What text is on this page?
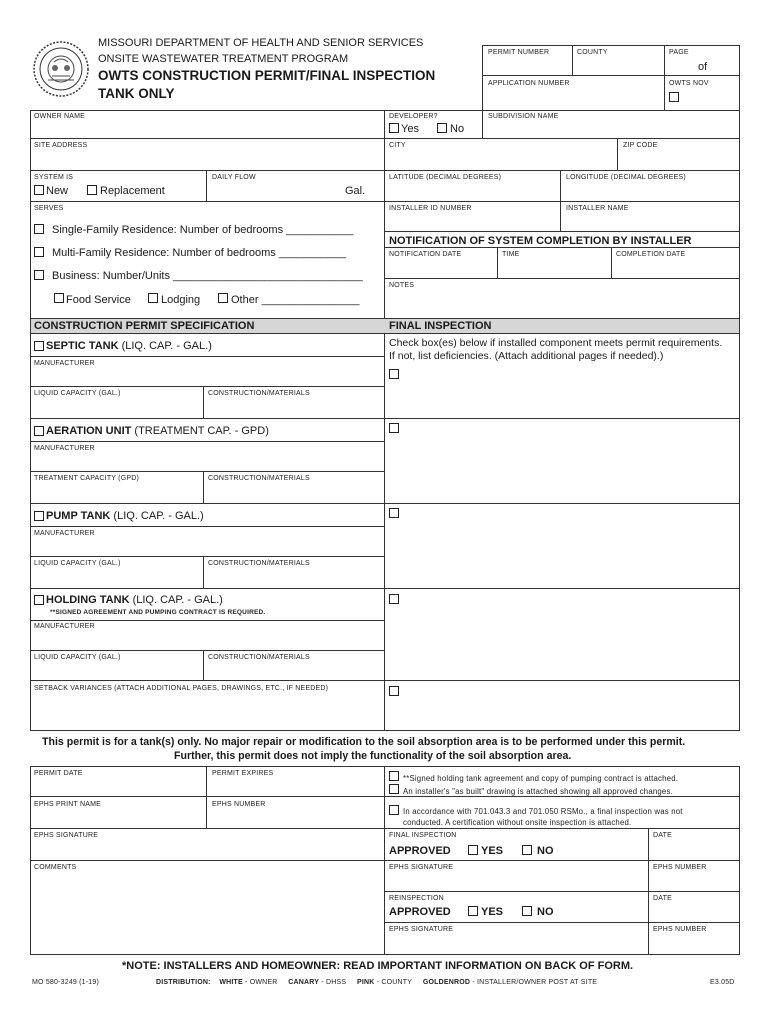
MISSOURI DEPARTMENT OF HEALTH AND SENIOR SERVICES
ONSITE WASTEWATER TREATMENT PROGRAM
OWTS CONSTRUCTION PERMIT/FINAL INSPECTION
TANK ONLY
PERMIT NUMBER	COUNTY	PAGE
of
APPLICATION NUMBER	OWTS NOV
OWNER NAME	DEVELOPER?
Yes	No
SUBDIVISION NAME
SITE ADDRESS	CITY	ZIP CODE
SYSTEM IS
New	Replacement
DAILY FLOW
Gal.
LATITUDE (DECIMAL DEGREES)	LONGITUDE (DECIMAL DEGREES)
SERVES	INSTALLER ID NUMBER	INSTALLER NAME
Single-Family Residence: Number of bedrooms ___________
Multi-Family Residence: Number of bedrooms ___________
Business: Number/Units _______________________________
Food Service	Lodging	Other ________________
NOTIFICATION OF SYSTEM COMPLETION BY INSTALLER
NOTIFICATION DATE	TIME	COMPLETION DATE
NOTES
CONSTRUCTION PERMIT SPECIFICATION	FINAL INSPECTION
Check box(es) below if installed component meets permit requirements.
If not, list deficiencies. (Attach additional pages if needed).)
SEPTIC TANK (LIQ. CAP. - GAL.)
MANUFACTURER
LIQUID CAPACITY (GAL.)	CONSTRUCTION/MATERIALS
AERATION UNIT (TREATMENT CAP. - GPD)
MANUFACTURER
TREATMENT CAPACITY (GPD)	CONSTRUCTION/MATERIALS
PUMP TANK (LIQ. CAP. - GAL.)
MANUFACTURER
LIQUID CAPACITY (GAL.)	CONSTRUCTION/MATERIALS
HOLDING TANK (LIQ. CAP. - GAL.)
**SIGNED AGREEMENT AND PUMPING CONTRACT IS REQUIRED.
MANUFACTURER
LIQUID CAPACITY (GAL.)	CONSTRUCTION/MATERIALS
SETBACK VARIANCES (ATTACH ADDITIONAL PAGES, DRAWINGS, ETC., IF NEEDED)
This permit is for a tank(s) only. No major repair or modification to the soil absorption area is to be performed under this permit.
Further, this permit does not imply the functionality of the soil absorption area.
PERMIT DATE	PERMIT EXPIRES
**Signed holding tank agreement and copy of pumping contract is attached.
An installer's "as built" drawing is attached showing all approved changes.
EPHS PRINT NAME	EPHS NUMBER
In accordance with 701.043.3 and 701.050 RSMo., a final inspection was not
conducted. A certification without onsite inspection is attached.
EPHS SIGNATURE	FINAL INSPECTION	DATE
APPROVED	YES	NO
COMMENTS	EPHS SIGNATURE	EPHS NUMBER
REINSPECTION	DATE
APPROVED	YES	NO
EPHS SIGNATURE	EPHS NUMBER
*NOTE: INSTALLERS AND HOMEOWNER: READ IMPORTANT INFORMATION ON BACK OF FORM.
MO 580-3249 (1-19)	DISTRIBUTION: WHITE - OWNER CANARY - DHSS PINK - COUNTY GOLDENROD - INSTALLER/OWNER POST AT SITE	E3.05D
